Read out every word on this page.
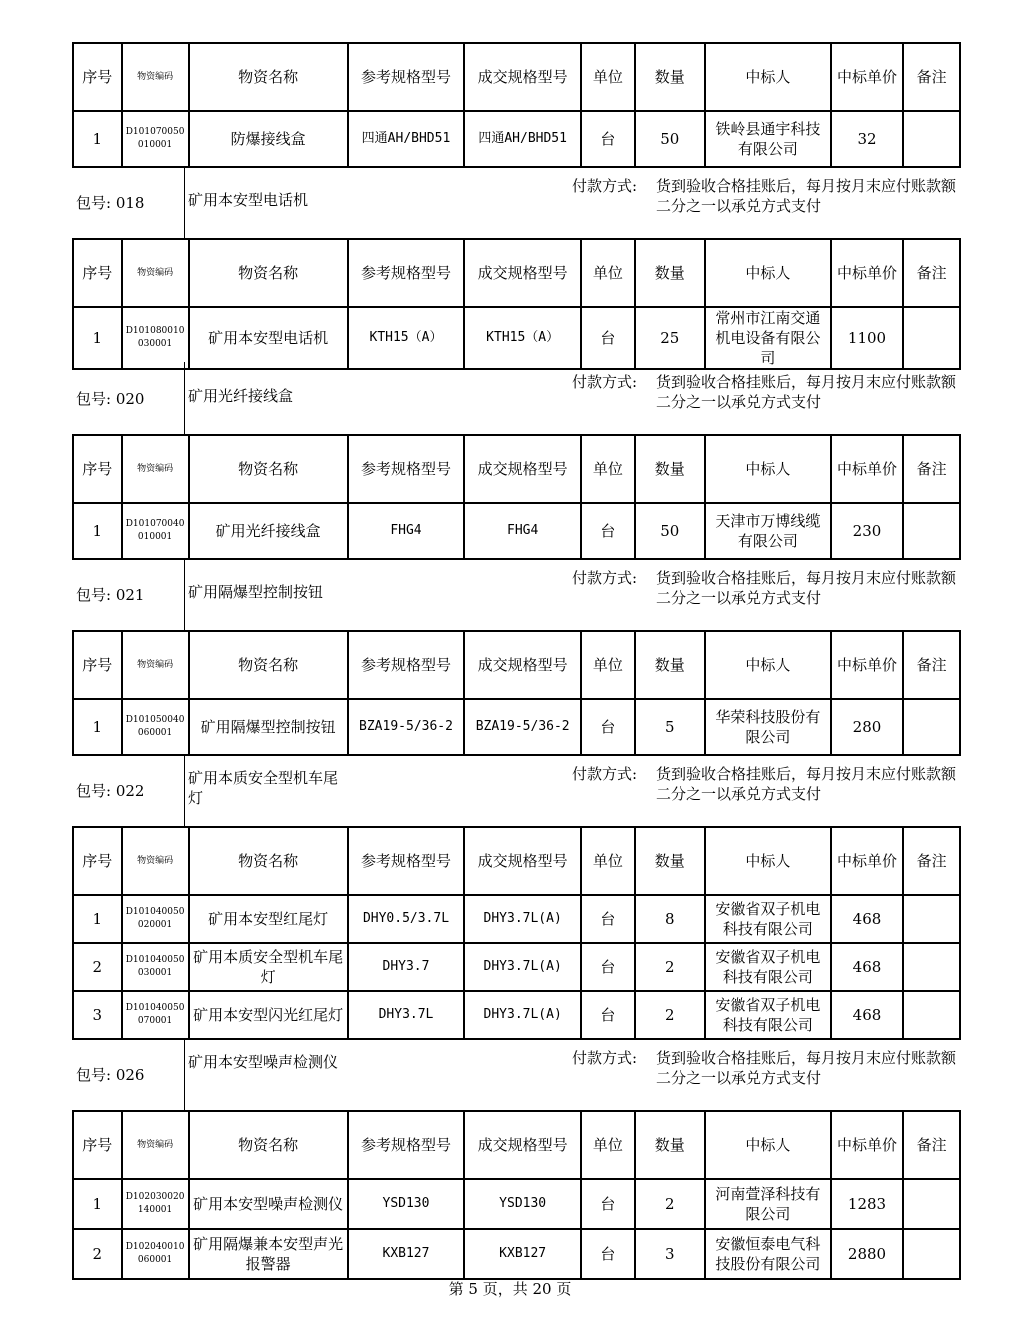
序号	物资编码	物资名称	参考规格型号	成交规格型号	单位	数量	中标人	中标单价	备注
1	D101070050010001	防爆接线盒	四通AH/BHD51	四通AH/BHD51	台	50	铁岭县通宇科技有限公司	32	
包号: 018	矿用本安型电话机
付款方式: 货到验收合格挂账后，每月按月末应付账款额二分之一以承兑方式支付
序号	物资编码	物资名称	参考规格型号	成交规格型号	单位	数量	中标人	中标单价	备注
1	D101080010030001	矿用本安型电话机	KTH15（A）	KTH15（A）	台	25	常州市江南交通机电设备有限公司	1100	
包号: 020	矿用光纤接线盒
付款方式: 货到验收合格挂账后，每月按月末应付账款额二分之一以承兑方式支付
序号	物资编码	物资名称	参考规格型号	成交规格型号	单位	数量	中标人	中标单价	备注
1	D101070040010001	矿用光纤接线盒	FHG4	FHG4	台	50	天津市万博线缆有限公司	230	
包号: 021	矿用隔爆型控制按钮
付款方式: 货到验收合格挂账后，每月按月末应付账款额二分之一以承兑方式支付
序号	物资编码	物资名称	参考规格型号	成交规格型号	单位	数量	中标人	中标单价	备注
1	D101050040060001	矿用隔爆型控制按钮	BZA19-5/36-2	BZA19-5/36-2	台	5	华荣科技股份有限公司	280	
包号: 022
矿用本质安全型机车尾灯
付款方式: 货到验收合格挂账后，每月按月末应付账款额二分之一以承兑方式支付
序号	物资编码	物资名称	参考规格型号	成交规格型号	单位	数量	中标人	中标单价	备注
1	D101040050020001	矿用本安型红尾灯	DHY0.5/3.7L	DHY3.7L(A)	台	8	安徽省双子机电科技有限公司	468	
2	D101040050030001	矿用本质安全型机车尾灯	DHY3.7	DHY3.7L(A)	台	2	安徽省双子机电科技有限公司	468	
3	D101040050070001	矿用本安型闪光红尾灯	DHY3.7L	DHY3.7L(A)	台	2	安徽省双子机电科技有限公司	468	
包号: 026
矿用本安型噪声检测仪	付款方式: 货到验收合格挂账后，每月按月末应付账款额二分之一以承兑方式支付
序号	物资编码	物资名称	参考规格型号	成交规格型号	单位	数量	中标人	中标单价	备注
1	D102030020140001	矿用本安型噪声检测仪	YSD130	YSD130	台	2	河南萱泽科技有限公司	1283	
2	D102040010060001	矿用隔爆兼本安型声光报警器	KXB127	KXB127	台	3	安徽恒泰电气科技股份有限公司	2880	
第 5 页，共 20 页
